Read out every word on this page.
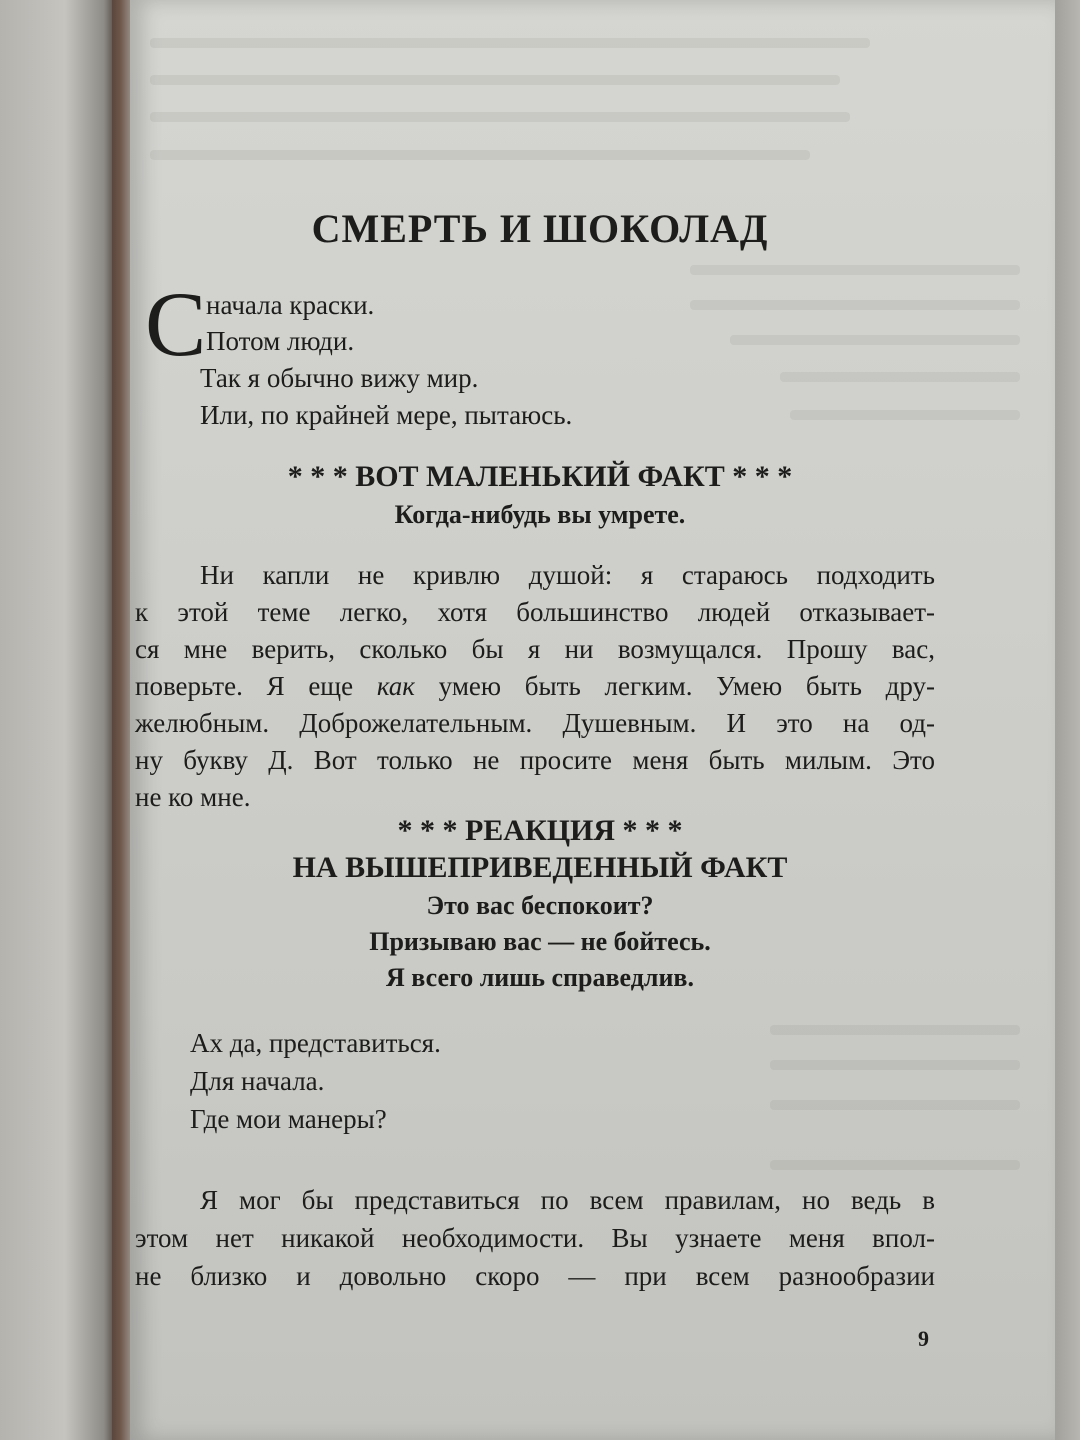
СМЕРТЬ И ШОКОЛАД
С начала краски.
Потом люди.
Так я обычно вижу мир.
Или, по крайней мере, пытаюсь.
* * * ВОТ МАЛЕНЬКИЙ ФАКТ * * *
Когда-нибудь вы умрете.
Ни капли не кривлю душой: я стараюсь подходить
к этой теме легко, хотя большинство людей отказывает-
ся мне верить, сколько бы я ни возмущался. Прошу вас,
поверьте. Я еще как умею быть легким. Умею быть дру-
желюбным. Доброжелательным. Душевным. И это на од-
ну букву Д. Вот только не просите меня быть милым. Это
не ко мне.
* * * РЕАКЦИЯ * * *
НА ВЫШЕПРИВЕДЕННЫЙ ФАКТ
Это вас беспокоит?
Призываю вас — не бойтесь.
Я всего лишь справедлив.
Ах да, представиться.
Для начала.
Где мои манеры?
Я мог бы представиться по всем правилам, но ведь в
этом нет никакой необходимости. Вы узнаете меня впол-
не близко и довольно скоро — при всем разнообразии
9
